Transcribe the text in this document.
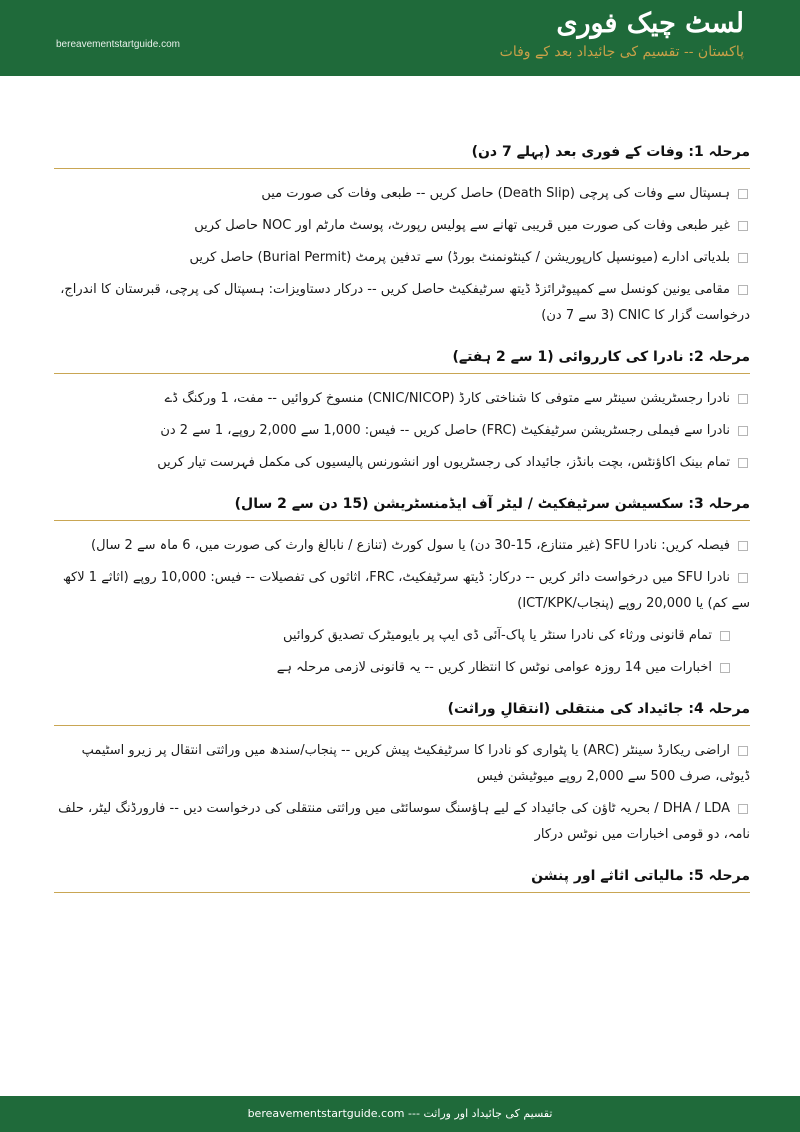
bereavementstartguide.com
لسٹ چیک فوری
پاکستان -- تقسیم کی جائیداد بعد کے وفات
مرحلہ 1: وفات کے فوری بعد (پہلے 7 دن)
ہسپتال سے وفات کی پرچی (Death Slip) حاصل کریں -- طبعی وفات کی صورت میں
غیر طبعی وفات کی صورت میں قریبی تھانے سے پولیس رپورٹ، پوسٹ مارٹم اور NOC حاصل کریں
بلدیاتی ادارے (میونسپل کارپوریشن / کینٹونمنٹ بورڈ) سے تدفین پرمٹ (Burial Permit) حاصل کریں
مقامی یونین کونسل سے کمپیوٹرائزڈ ڈیتھ سرٹیفکیٹ حاصل کریں -- درکار دستاویزات: ہسپتال کی پرچی، قبرستان کا اندراج، درخواست گزار کا CNIC (3 سے 7 دن)
مرحلہ 2: نادرا کی کارروائی (1 سے 2 ہفتے)
نادرا رجسٹریشن سینٹر سے متوفی کا شناختی کارڈ (CNIC/NICOP) منسوخ کروائیں -- مفت، 1 ورکنگ ڈے
نادرا سے فیملی رجسٹریشن سرٹیفکیٹ (FRC) حاصل کریں -- فیس: 1,000 سے 2,000 روپے، 1 سے 2 دن
تمام بینک اکاؤنٹس، بچت بانڈز، جائیداد کی رجسٹریوں اور انشورنس پالیسیوں کی مکمل فہرست تیار کریں
مرحلہ 3: سکسیشن سرٹیفکیٹ / لیٹر آف ایڈمنسٹریشن (15 دن سے 2 سال)
فیصلہ کریں: نادرا SFU (غیر متنازع، 15-30 دن) یا سول کورٹ (تنازع / نابالغ وارث کی صورت میں، 6 ماہ سے 2 سال)
نادرا SFU میں درخواست دائر کریں -- درکار: ڈیتھ سرٹیفکیٹ، FRC، اثاثوں کی تفصیلات -- فیس: 10,000 روپے (اثاثے 1 لاکھ سے کم) یا 20,000 روپے (پنجاب/ICT/KPK)
تمام قانونی ورثاء کی نادرا سنٹر یا پاک-آئی ڈی ایپ پر بایومیٹرک تصدیق کروائیں
اخبارات میں 14 روزہ عوامی نوٹس کا انتظار کریں -- یہ قانونی لازمی مرحلہ ہے
مرحلہ 4: جائیداد کی منتقلی (انتقالِ وراثت)
اراضی ریکارڈ سینٹر (ARC) یا پٹواری کو نادرا کا سرٹیفکیٹ پیش کریں -- پنجاب/سندھ میں وراثتی انتقال پر زیرو اسٹیمپ ڈیوٹی، صرف 500 سے 2,000 روپے میوٹیشن فیس
DHA / LDA / بحریہ ٹاؤن کی جائیداد کے لیے ہاؤسنگ سوسائٹی میں وراثتی منتقلی کی درخواست دیں -- فارورڈنگ لیٹر، حلف نامہ، دو قومی اخبارات میں نوٹس درکار
مرحلہ 5: مالیاتی اثاثے اور پنشن
bereavementstartguide.com --- تقسیم کی جائیداد اور وراثت
